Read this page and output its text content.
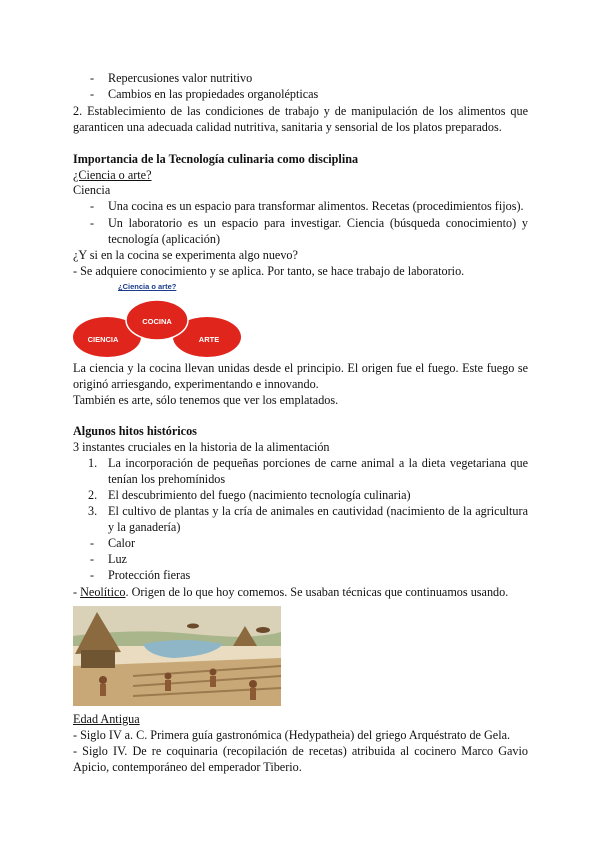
- Repercusiones valor nutritivo
- Cambios en las propiedades organolépticas
2. Establecimiento de las condiciones de trabajo y de manipulación de los alimentos que
garanticen una adecuada calidad nutritiva, sanitaria y sensorial de los platos preparados.
Importancia de la Tecnología culinaria como disciplina
¿Ciencia o arte?
Ciencia
- Una cocina es un espacio para transformar alimentos. Recetas (procedimientos fijos).
- Un laboratorio es un espacio para investigar. Ciencia (búsqueda conocimiento) y
tecnología (aplicación)
¿Y si en la cocina se experimenta algo nuevo?
- Se adquiere conocimiento y se aplica. Por tanto, se hace trabajo de laboratorio.
¿Ciencia o arte?
COCINA
CIENCIA	ARTE
La ciencia y la cocina llevan unidas desde el principio. El origen fue el fuego. Este fuego se
originó arriesgando, experimentando e innovando.
También es arte, sólo tenemos que ver los emplatados.
Algunos hitos históricos
3 instantes cruciales en la historia de la alimentación
1. La incorporación de pequeñas porciones de carne animal a la dieta vegetariana que
tenían los prehomínidos
2. El descubrimiento del fuego (nacimiento tecnología culinaria)
3. El cultivo de plantas y la cría de animales en cautividad (nacimiento de la agricultura
y la ganadería)
- Calor
- Luz
- Protección fieras
- Neolítico. Origen de lo que hoy comemos. Se usaban técnicas que continuamos usando.
Edad Antigua
- Siglo IV a. C. Primera guía gastronómica (Hedypatheia) del griego Arquéstrato de Gela.
- Siglo IV. De re coquinaria (recopilación de recetas) atribuida al cocinero Marco Gavio
Apicio, contemporáneo del emperador Tiberio.
